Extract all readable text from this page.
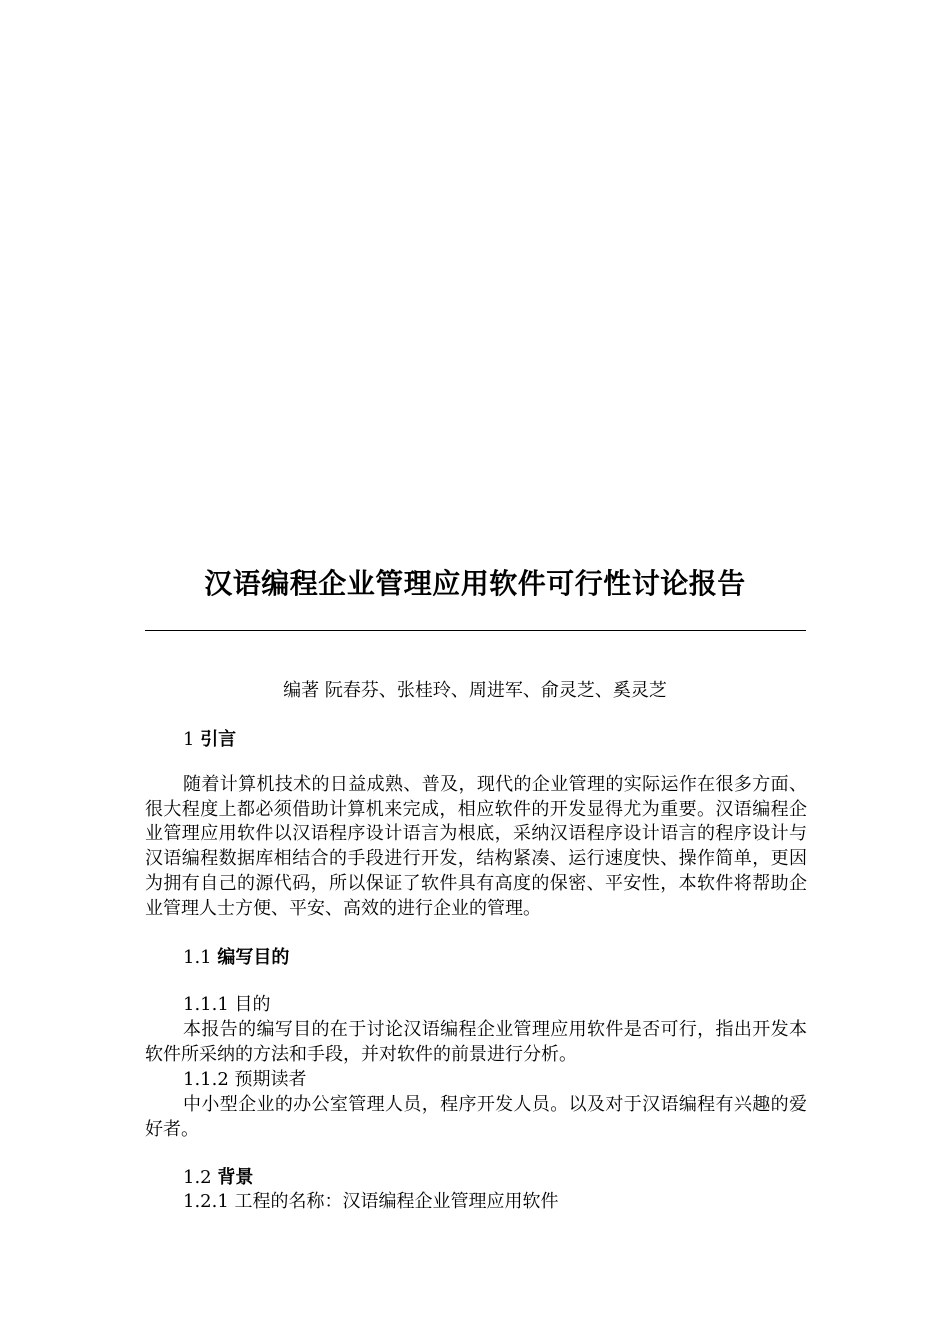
汉语编程企业管理应用软件可行性讨论报告
编著 阮春芬、张桂玲、周进军、俞灵芝、奚灵芝
1 引言

随着计算机技术的日益成熟、普及，现代的企业管理的实际运作在很多方面、很大程度上都必须借助计算机来完成，相应软件的开发显得尤为重要。汉语编程企业管理应用软件以汉语程序设计语言为根底，采纳汉语程序设计语言的程序设计与汉语编程数据库相结合的手段进行开发，结构紧凑、运行速度快、操作简单，更因为拥有自己的源代码，所以保证了软件具有高度的保密、平安性，本软件将帮助企业管理人士方便、平安、高效的进行企业的管理。

1.1 编写目的
1.1.1 目的

本报告的编写目的在于讨论汉语编程企业管理应用软件是否可行，指出开发本软件所采纳的方法和手段，并对软件的前景进行分析。

1.1.2 预期读者

中小型企业的办公室管理人员，程序开发人员。以及对于汉语编程有兴趣的爱好者。

1.2 背景
1.2.1 工程的名称：汉语编程企业管理应用软件
